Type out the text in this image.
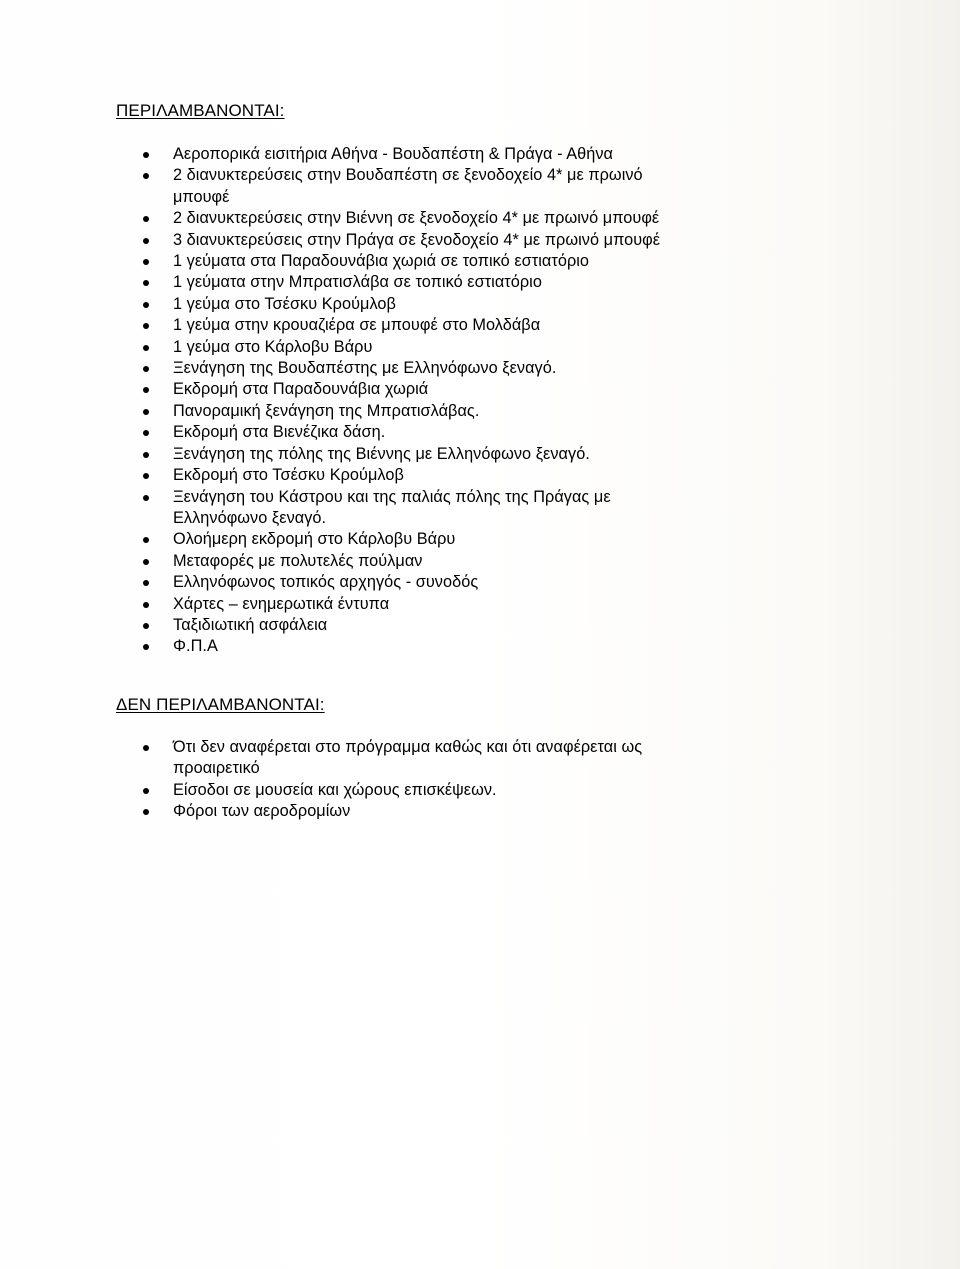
ΠΕΡΙΛΑΜΒΑΝΟΝΤΑΙ:
Αεροπορικά εισιτήρια Αθήνα - Βουδαπέστη & Πράγα - Αθήνα
2 διανυκτερεύσεις στην Βουδαπέστη σε ξενοδοχείο 4* με πρωινό μπουφέ
2 διανυκτερεύσεις στην Βιέννη σε ξενοδοχείο 4* με πρωινό μπουφέ
3 διανυκτερεύσεις στην Πράγα σε ξενοδοχείο 4* με πρωινό μπουφέ
1 γεύματα στα Παραδουνάβια χωριά σε τοπικό εστιατόριο
1 γεύματα στην Μπρατισλάβα σε τοπικό εστιατόριο
1 γεύμα στο Τσέσκυ Κρούμλοβ
1 γεύμα στην κρουαζιέρα σε μπουφέ στο Μολδάβα
1 γεύμα στο Κάρλοβυ Βάρυ
Ξενάγηση της Βουδαπέστης με Ελληνόφωνο ξεναγό.
Εκδρομή στα Παραδουνάβια χωριά
Πανοραμική ξενάγηση της Μπρατισλάβας.
Εκδρομή στα Βιενέζικα δάση.
Ξενάγηση της πόλης της Βιέννης με Ελληνόφωνο ξεναγό.
Εκδρομή στο Τσέσκυ Κρούμλοβ
Ξενάγηση του Κάστρου και της παλιάς πόλης της Πράγας με Ελληνόφωνο ξεναγό.
Ολοήμερη εκδρομή στο Κάρλοβυ Βάρυ
Μεταφορές με πολυτελές πούλμαν
Ελληνόφωνος τοπικός αρχηγός - συνοδός
Χάρτες – ενημερωτικά έντυπα
Ταξιδιωτική ασφάλεια
Φ.Π.Α
ΔΕΝ ΠΕΡΙΛΑΜΒΑΝΟΝΤΑΙ:
Ότι δεν αναφέρεται στο πρόγραμμα καθώς και ότι αναφέρεται ως προαιρετικό
Είσοδοι σε μουσεία και χώρους επισκέψεων.
Φόροι των αεροδρομίων
